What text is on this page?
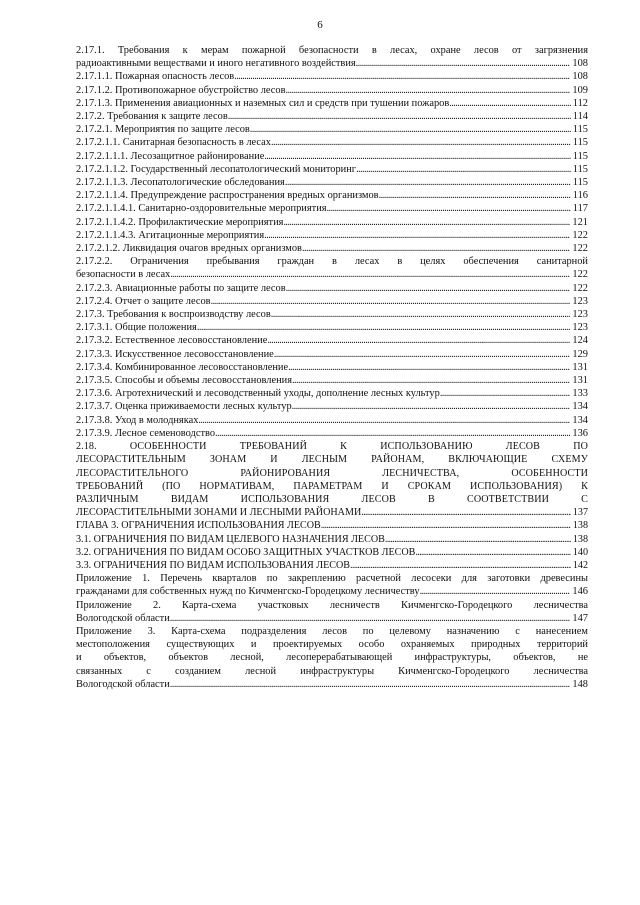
6
2.17.1. Требования к мерам пожарной безопасности в лесах, охране лесов от загрязнения
радиоактивными веществами и иного негативного воздействия . . .	108
2.17.1.1. Пожарная опасность лесов . . .	108
2.17.1.2. Противопожарное обустройство лесов . . .	109
2.17.1.3. Применения авиационных и наземных сил и средств при тушении пожаров . . .	112
2.17.2. Требования к защите лесов . . .	114
2.17.2.1. Мероприятия по защите лесов . . .	115
2.17.2.1.1. Санитарная безопасность в лесах . . .	115
2.17.2.1.1.1. Лесозащитное районирование . . .	115
2.17.2.1.1.2. Государственный лесопатологический мониторинг . . .	115
2.17.2.1.1.3. Лесопатологические обследования . . .	115
2.17.2.1.1.4. Предупреждение распространения вредных организмов . . .	116
2.17.2.1.1.4.1. Санитарно-оздоровительные мероприятия . . .	117
2.17.2.1.1.4.2. Профилактические мероприятия . . .	121
2.17.2.1.1.4.3. Агитационные мероприятия . . .	122
2.17.2.1.2. Ликвидация очагов вредных организмов . . .	122
2.17.2.2. Ограничения пребывания граждан в лесах в целях обеспечения санитарной
безопасности в лесах . . .	122
2.17.2.3. Авиационные работы по защите лесов . . .	122
2.17.2.4. Отчет о защите лесов . . .	123
2.17.3. Требования к воспроизводству лесов . . .	123
2.17.3.1. Общие положения . . .	123
2.17.3.2. Естественное лесовосстановление . . .	124
2.17.3.3. Искусственное лесовосстановление . . .	129
2.17.3.4. Комбинированное лесовосстановление . . .	131
2.17.3.5. Способы и объемы лесовосстановления . . .	131
2.17.3.6. Агротехнический и лесоводственный уходы, дополнение лесных культур . . .	133
2.17.3.7. Оценка приживаемости лесных культур . . .	134
2.17.3.8. Уход в молодняках . . .	134
2.17.3.9. Лесное семеноводство . . .	136
2.18. ОСОБЕННОСТИ ТРЕБОВАНИЙ К ИСПОЛЬЗОВАНИЮ ЛЕСОВ ПО
ЛЕСОРАСТИТЕЛЬНЫМ ЗОНАМ И ЛЕСНЫМ РАЙОНАМ, ВКЛЮЧАЮЩИЕ СХЕМУ
ЛЕСОРАСТИТЕЛЬНОГО РАЙОНИРОВАНИЯ ЛЕСНИЧЕСТВА, ОСОБЕННОСТИ
ТРЕБОВАНИЙ (ПО НОРМАТИВАМ, ПАРАМЕТРАМ И СРОКАМ ИСПОЛЬЗОВАНИЯ) К
РАЗЛИЧНЫМ ВИДАМ ИСПОЛЬЗОВАНИЯ ЛЕСОВ В СООТВЕТСТВИИ С
ЛЕСОРАСТИТЕЛЬНЫМИ ЗОНАМИ И ЛЕСНЫМИ РАЙОНАМИ . . .	137
ГЛАВА 3. ОГРАНИЧЕНИЯ ИСПОЛЬЗОВАНИЯ ЛЕСОВ . . .	138
3.1. ОГРАНИЧЕНИЯ ПО ВИДАМ ЦЕЛЕВОГО НАЗНАЧЕНИЯ ЛЕСОВ . . .	138
3.2. ОГРАНИЧЕНИЯ ПО ВИДАМ ОСОБО ЗАЩИТНЫХ УЧАСТКОВ ЛЕСОВ . . .	140
3.3. ОГРАНИЧЕНИЯ ПО ВИДАМ ИСПОЛЬЗОВАНИЯ ЛЕСОВ . . .	142
Приложение 1. Перечень кварталов по закреплению расчетной лесосеки для заготовки древесины
гражданами для собственных нужд по Кичменгско-Городецкому лесничеству . . .	146
Приложение 2. Карта-схема участковых лесничеств Кичменгско-Городецкого лесничества
Вологодской области . . .	147
Приложение 3. Карта-схема подразделения лесов по целевому назначению с нанесением
местоположения существующих и проектируемых особо охраняемых природных территорий
и объектов, объектов лесной, лесоперерабатывающей инфраструктуры, объектов, не
связанных с созданием лесной инфраструктуры Кичменгско-Городецкого лесничества
Вологодской области . . .	148
